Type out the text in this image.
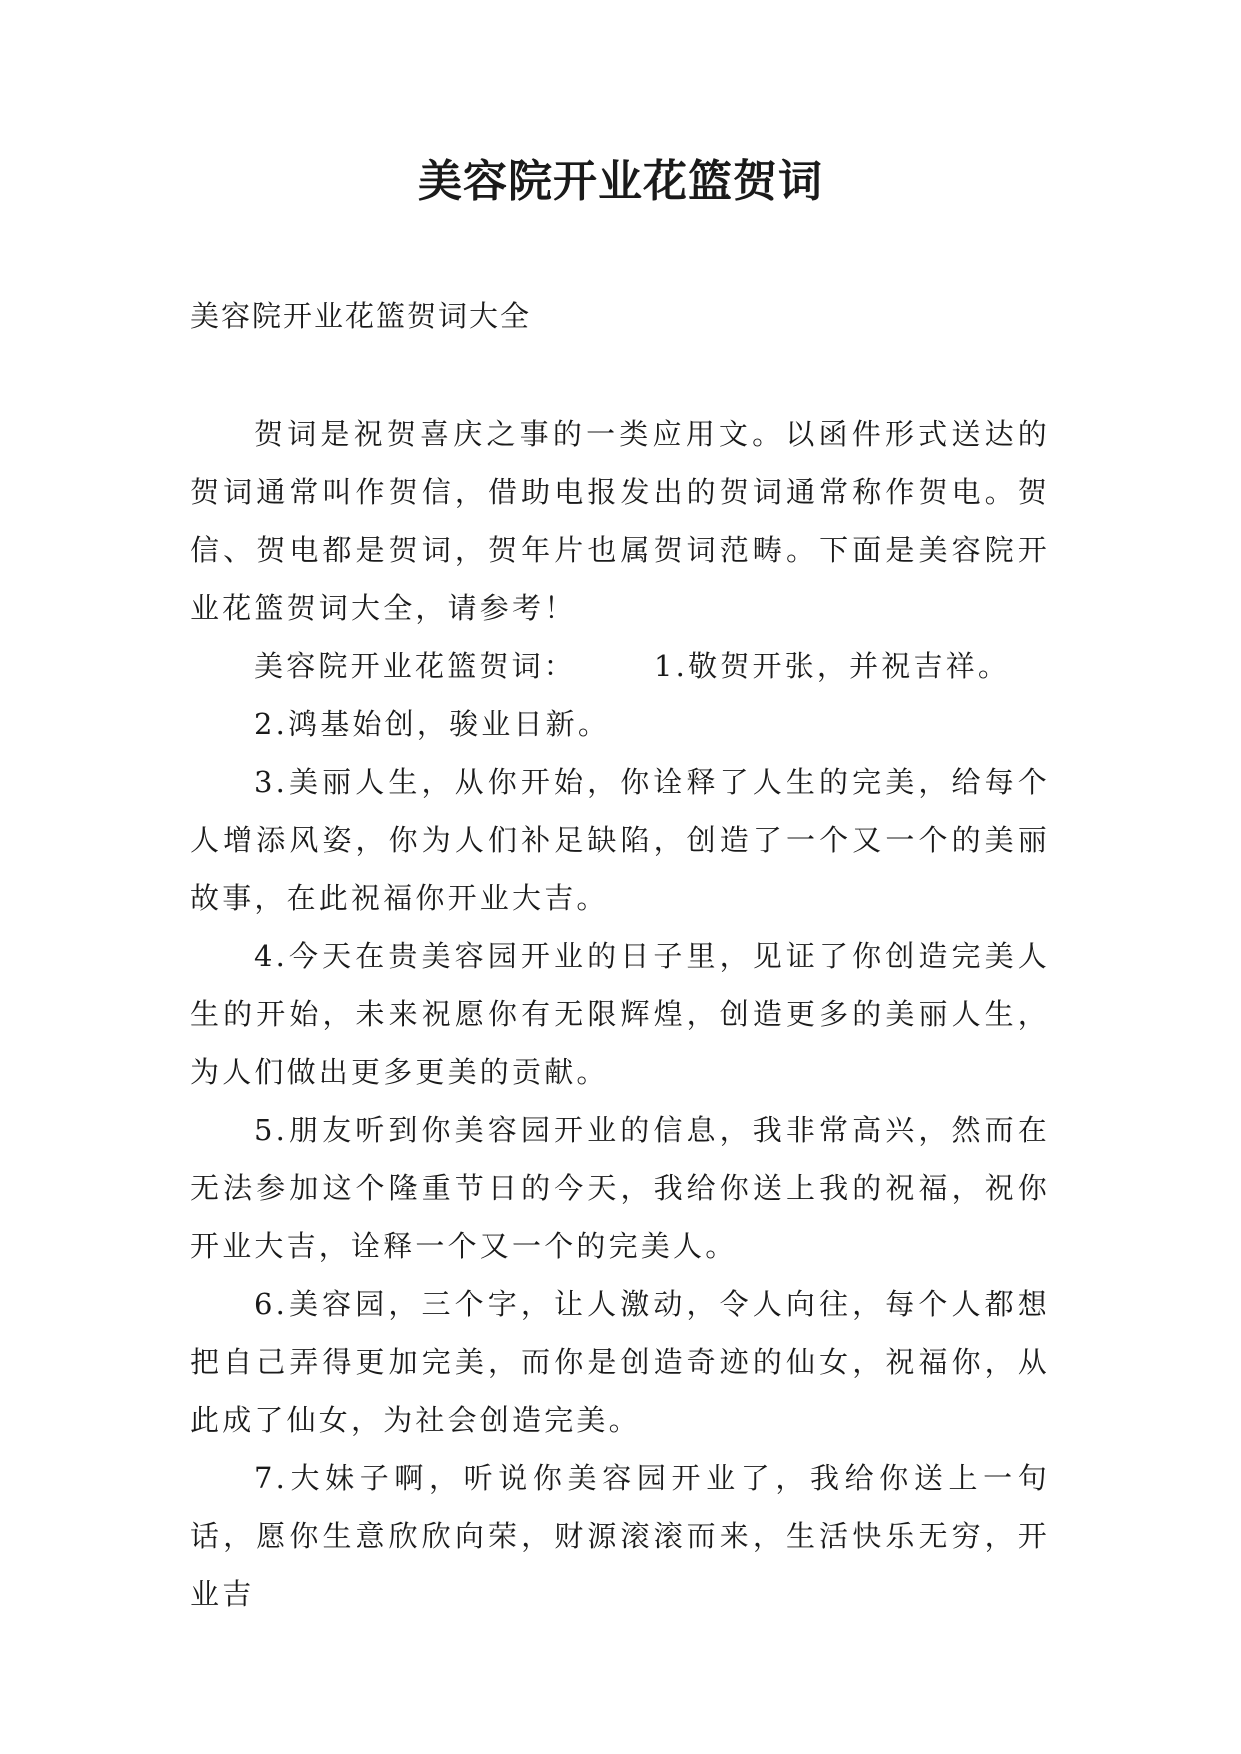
美容院开业花篮贺词

美容院开业花篮贺词大全

贺词是祝贺喜庆之事的一类应用文。以函件形式送达的贺词通常叫作贺信，借助电报发出的贺词通常称作贺电。贺信、贺电都是贺词，贺年片也属贺词范畴。下面是美容院开业花篮贺词大全，请参考！

美容院开业花篮贺词：	1.敬贺开张，并祝吉祥。

2.鸿基始创，骏业日新。

3.美丽人生，从你开始，你诠释了人生的完美，给每个人增添风姿，你为人们补足缺陷，创造了一个又一个的美丽故事，在此祝福你开业大吉。

4.今天在贵美容园开业的日子里，见证了你创造完美人生的开始，未来祝愿你有无限辉煌，创造更多的美丽人生，为人们做出更多更美的贡献。

5.朋友听到你美容园开业的信息，我非常高兴，然而在无法参加这个隆重节日的今天，我给你送上我的祝福，祝你开业大吉，诠释一个又一个的完美人。

6.美容园，三个字，让人激动，令人向往，每个人都想把自己弄得更加完美，而你是创造奇迹的仙女，祝福你，从此成了仙女，为社会创造完美。

7.大妹子啊，听说你美容园开业了，我给你送上一句话，愿你生意欣欣向荣，财源滚滚而来，生活快乐无穷，开业吉
